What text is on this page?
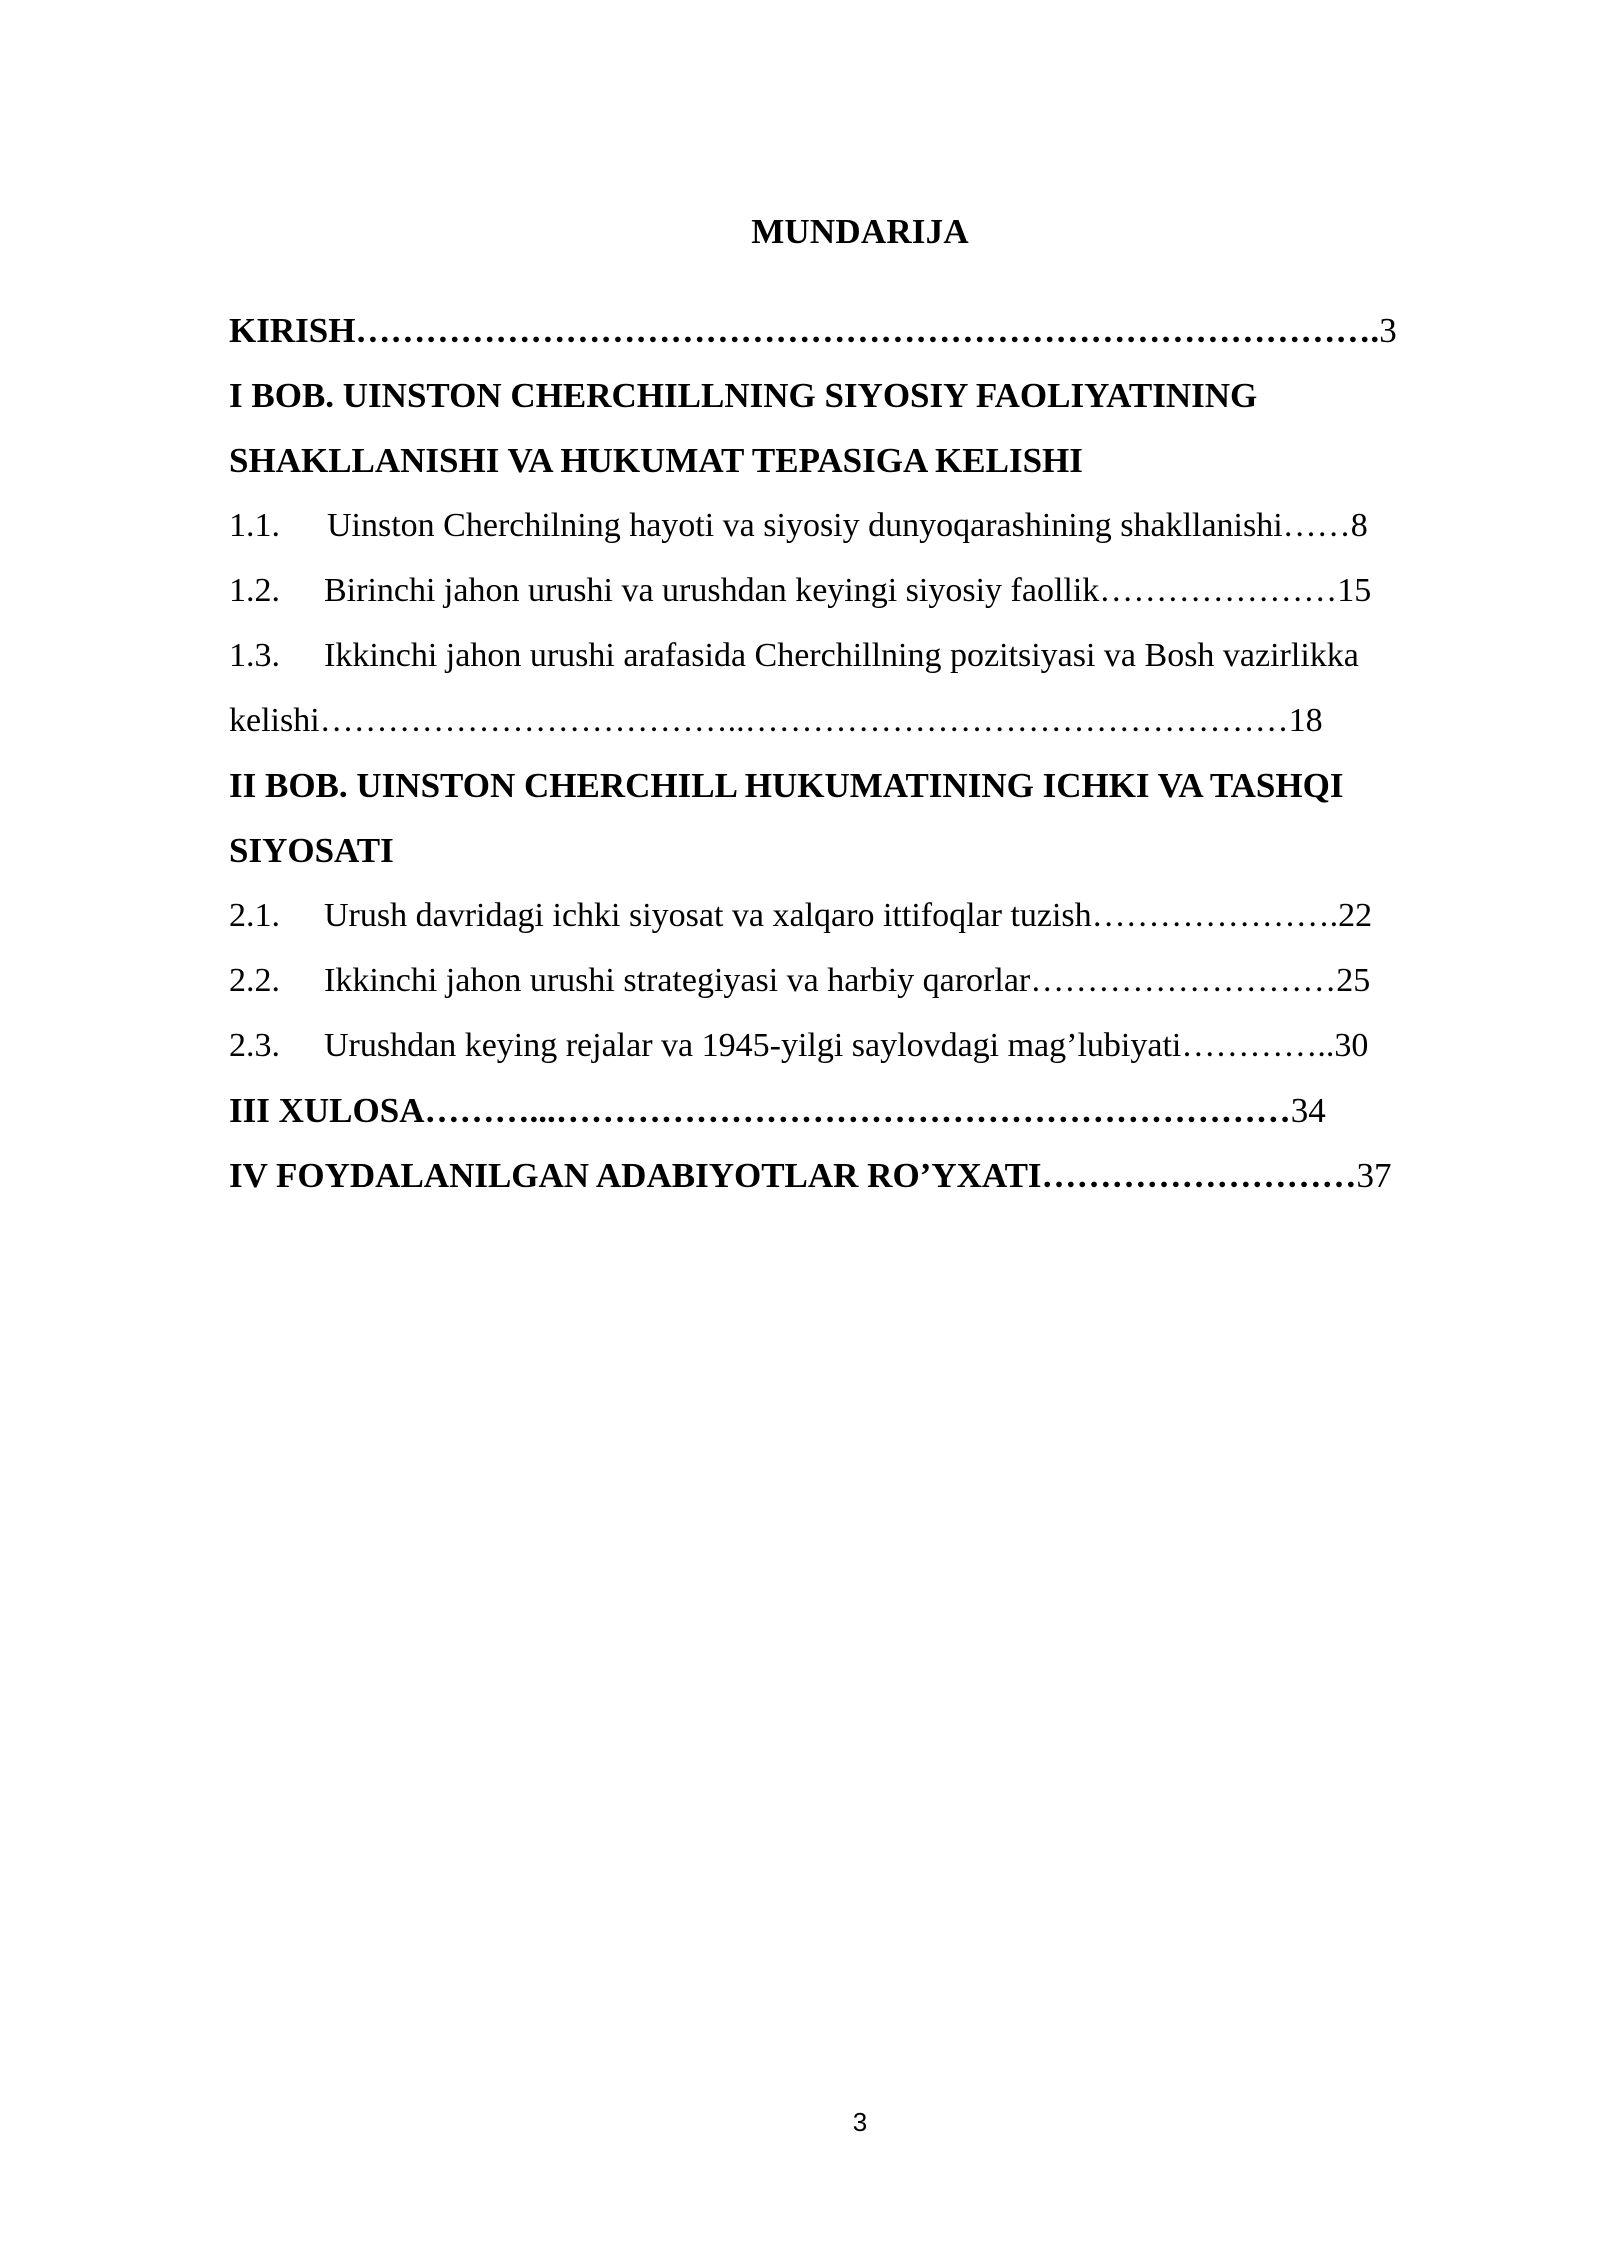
MUNDARIJA
KIRISH…………………………………………………………………………….3
I BOB. UINSTON CHERCHILLNING SIYOSIY FAOLIYATINING
SHAKLLANISHI VA HUKUMAT TEPASIGA KELISHI
1.1. Uinston Cherchilning hayoti va siyosiy dunyoqarashining shakllanishi……8
1.2. Birinchi jahon urushi va urushdan keyingi siyosiy faollik…………………15
1.3. Ikkinchi jahon urushi arafasida Cherchillning pozitsiyasi va Bosh vazirlikka
kelishi………………………………..…………………………………………18
II BOB. UINSTON CHERCHILL HUKUMATINING ICHKI VA TASHQI
SIYOSATI
2.1. Urush davridagi ichki siyosat va xalqaro ittifoqlar tuzish………………….22
2.2. Ikkinchi jahon urushi strategiyasi va harbiy qarorlar………………………25
2.3. Urushdan keying rejalar va 1945-yilgi saylovdagi mag’lubiyati…………..30
III XULOSA………...………………………………………………………34
IV FOYDALANILGAN ADABIYOTLAR RO’YXATI………………………37
3
